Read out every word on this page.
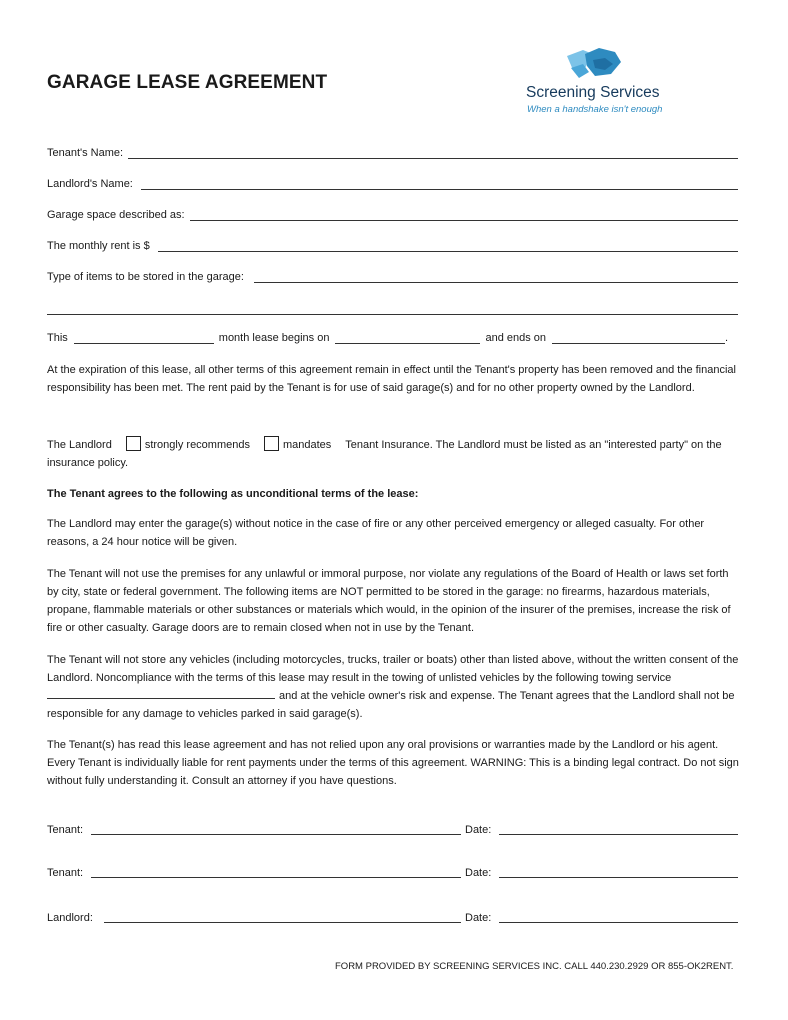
GARAGE LEASE AGREEMENT	Screening Services
When a handshake isn't enough
Tenant's Name:
Landlord's Name:
Garage space described as:
The monthly rent is $
Type of items to be stored in the garage:
This	month lease begins on	and ends on	.
At the expiration of this lease, all other terms of this agreement remain in effect until the Tenant's property has been removed and the financial responsibility has been met. The rent paid by the Tenant is for use of said garage(s) and for no other property owned by the Landlord.
The Landlord	strongly recommends	mandates Tenant Insurance. The Landlord must be listed as an "interested party" on the insurance policy.
The Tenant agrees to the following as unconditional terms of the lease:
The Landlord may enter the garage(s) without notice in the case of fire or any other perceived emergency or alleged casualty. For other reasons, a 24 hour notice will be given.
The Tenant will not use the premises for any unlawful or immoral purpose, nor violate any regulations of the Board of Health or laws set forth by city, state or federal government. The following items are NOT permitted to be stored in the garage: no firearms, hazardous materials, propane, flammable materials or other substances or materials which would, in the opinion of the insurer of the premises, increase the risk of fire or other casualty. Garage doors are to remain closed when not in use by the Tenant.
The Tenant will not store any vehicles (including motorcycles, trucks, trailer or boats) other than listed above, without the written consent of the Landlord. Noncompliance with the terms of this lease may result in the towing of unlisted vehicles by the following towing serviceand at the vehicle owner's risk and expense. The Tenant agrees that the Landlord shall not be responsible for any damage to vehicles parked in said garage(s).
The Tenant(s) has read this lease agreement and has not relied upon any oral provisions or warranties made by the Landlord or his agent. Every Tenant is individually liable for rent payments under the terms of this agreement. WARNING: This is a binding legal contract. Do not sign without fully understanding it. Consult an attorney if you have questions.
Tenant:	Date:
Tenant:	Date:
Landlord:	Date:
FORM PROVIDED BY SCREENING SERVICES INC. CALL 440.230.2929 OR 855-OK2RENT.
